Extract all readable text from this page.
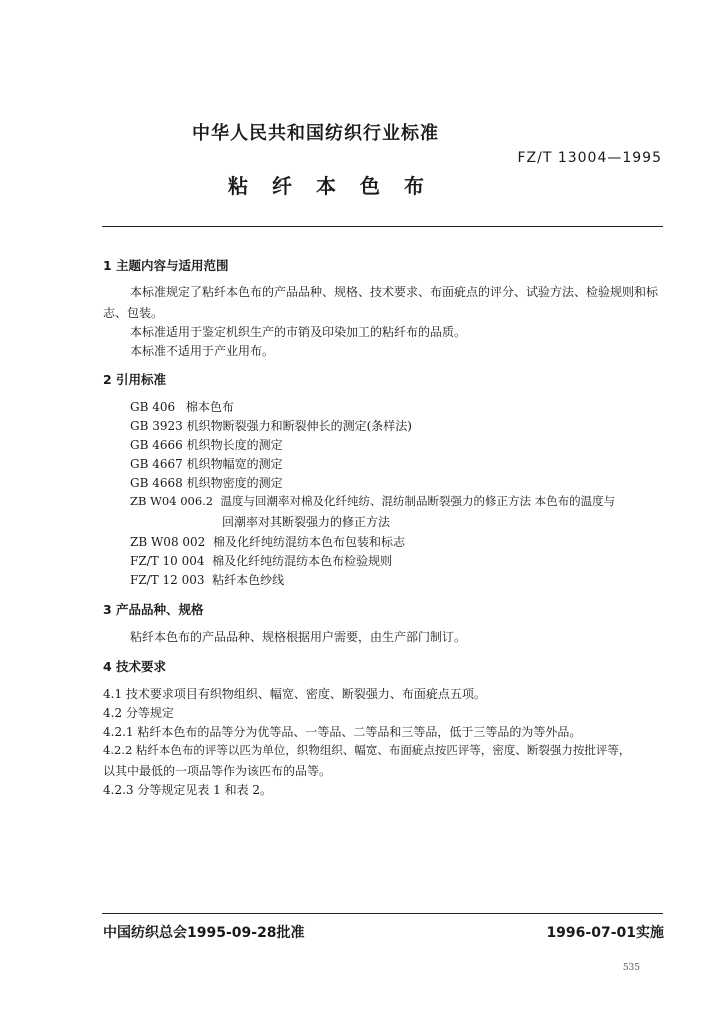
中华人民共和国纺织行业标准
FZ/T 13004—1995
粘纤本色布
1 主题内容与适用范围
本标准规定了粘纤本色布的产品品种、规格、技术要求、布面疵点的评分、试验方法、检验规则和标
志、包装。
本标准适用于鉴定机织生产的市销及印染加工的粘纤布的品质。
本标准不适用于产业用布。
2 引用标准
GB 406 棉本色布
GB 3923 机织物断裂强力和断裂伸长的测定(条样法)
GB 4666 机织物长度的测定
GB 4667 机织物幅宽的测定
GB 4668 机织物密度的测定
ZB W04 006.2 温度与回潮率对棉及化纤纯纺、混纺制品断裂强力的修正方法 本色布的温度与
回潮率对其断裂强力的修正方法
ZB W08 002 棉及化纤纯纺混纺本色布包装和标志
FZ/T 10 004 棉及化纤纯纺混纺本色布检验规则
FZ/T 12 003 粘纤本色纱线
3 产品品种、规格
粘纤本色布的产品品种、规格根据用户需要，由生产部门制订。
4 技术要求
4.1 技术要求项目有织物组织、幅宽、密度、断裂强力、布面疵点五项。
4.2 分等规定
4.2.1 粘纤本色布的品等分为优等品、一等品、二等品和三等品，低于三等品的为等外品。
4.2.2 粘纤本色布的评等以匹为单位，织物组织、幅宽、布面疵点按匹评等，密度、断裂强力按批评等，
以其中最低的一项品等作为该匹布的品等。
4.2.3 分等规定见表 1 和表 2。
中国纺织总会1995-09-28批准	1996-07-01实施
535
